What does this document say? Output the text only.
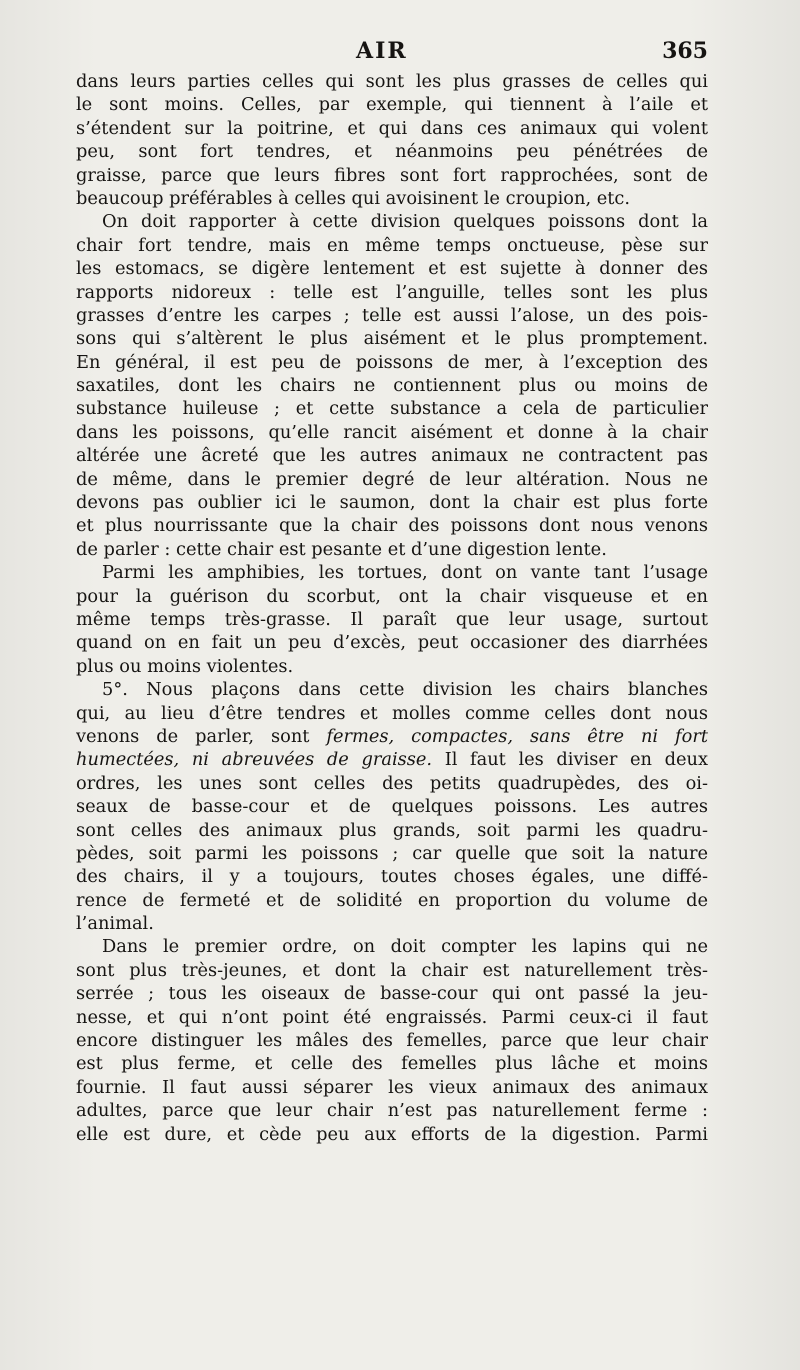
AIR	365
dans leurs parties celles qui sont les plus grasses de celles qui
le sont moins. Celles, par exemple, qui tiennent à l’aile et
s’étendent sur la poitrine, et qui dans ces animaux qui volent
peu, sont fort tendres, et néanmoins peu pénétrées de
graisse, parce que leurs fibres sont fort rapprochées, sont de
beaucoup préférables à celles qui avoisinent le croupion, etc.
On doit rapporter à cette division quelques poissons dont la
chair fort tendre, mais en même temps onctueuse, pèse sur
les estomacs, se digère lentement et est sujette à donner des
rapports nidoreux : telle est l’anguille, telles sont les plus
grasses d’entre les carpes ; telle est aussi l’alose, un des pois-
sons qui s’altèrent le plus aisément et le plus promptement.
En général, il est peu de poissons de mer, à l’exception des
saxatiles, dont les chairs ne contiennent plus ou moins de
substance huileuse ; et cette substance a cela de particulier
dans les poissons, qu’elle rancit aisément et donne à la chair
altérée une âcreté que les autres animaux ne contractent pas
de même, dans le premier degré de leur altération. Nous ne
devons pas oublier ici le saumon, dont la chair est plus forte
et plus nourrissante que la chair des poissons dont nous venons
de parler : cette chair est pesante et d’une digestion lente.
Parmi les amphibies, les tortues, dont on vante tant l’usage
pour la guérison du scorbut, ont la chair visqueuse et en
même temps très-grasse. Il paraît que leur usage, surtout
quand on en fait un peu d’excès, peut occasioner des diarrhées
plus ou moins violentes.
5°. Nous plaçons dans cette division les chairs blanches
qui, au lieu d’être tendres et molles comme celles dont nous
venons de parler, sont fermes, compactes, sans être ni fort
humectées, ni abreuvées de graisse. Il faut les diviser en deux
ordres, les unes sont celles des petits quadrupèdes, des oi-
seaux de basse-cour et de quelques poissons. Les autres
sont celles des animaux plus grands, soit parmi les quadru-
pèdes, soit parmi les poissons ; car quelle que soit la nature
des chairs, il y a toujours, toutes choses égales, une diffé-
rence de fermeté et de solidité en proportion du volume de
l’animal.
Dans le premier ordre, on doit compter les lapins qui ne
sont plus très-jeunes, et dont la chair est naturellement très-
serrée ; tous les oiseaux de basse-cour qui ont passé la jeu-
nesse, et qui n’ont point été engraissés. Parmi ceux-ci il faut
encore distinguer les mâles des femelles, parce que leur chair
est plus ferme, et celle des femelles plus lâche et moins
fournie. Il faut aussi séparer les vieux animaux des animaux
adultes, parce que leur chair n’est pas naturellement ferme :
elle est dure, et cède peu aux efforts de la digestion. Parmi
